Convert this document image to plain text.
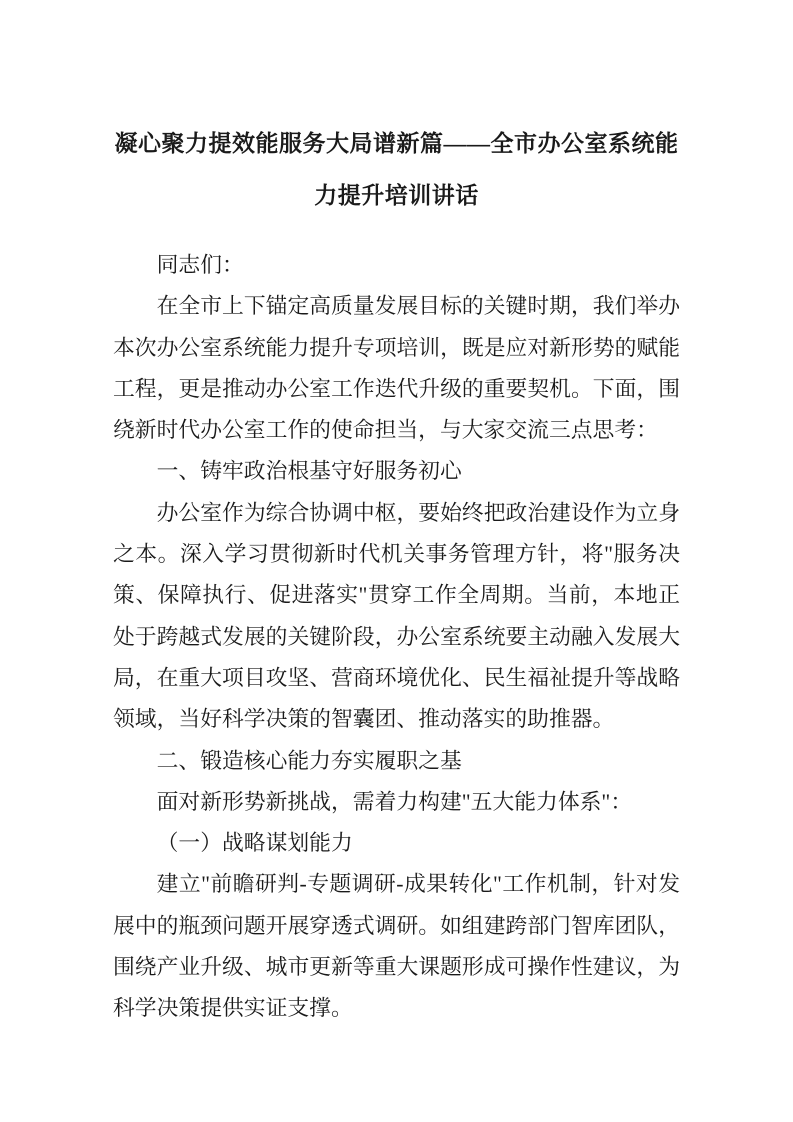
凝心聚力提效能服务大局谱新篇——全市办公室系统能力提升培训讲话

同志们：

在全市上下锚定高质量发展目标的关键时期，我们举办本次办公室系统能力提升专项培训，既是应对新形势的赋能工程，更是推动办公室工作迭代升级的重要契机。下面，围绕新时代办公室工作的使命担当，与大家交流三点思考：

一、铸牢政治根基守好服务初心

办公室作为综合协调中枢，要始终把政治建设作为立身之本。深入学习贯彻新时代机关事务管理方针，将"服务决策、保障执行、促进落实"贯穿工作全周期。当前，本地正处于跨越式发展的关键阶段，办公室系统要主动融入发展大局，在重大项目攻坚、营商环境优化、民生福祉提升等战略领域，当好科学决策的智囊团、推动落实的助推器。

二、锻造核心能力夯实履职之基

面对新形势新挑战，需着力构建"五大能力体系"：

（一）战略谋划能力

建立"前瞻研判-专题调研-成果转化"工作机制，针对发展中的瓶颈问题开展穿透式调研。如组建跨部门智库团队，围绕产业升级、城市更新等重大课题形成可操作性建议，为科学决策提供实证支撑。
